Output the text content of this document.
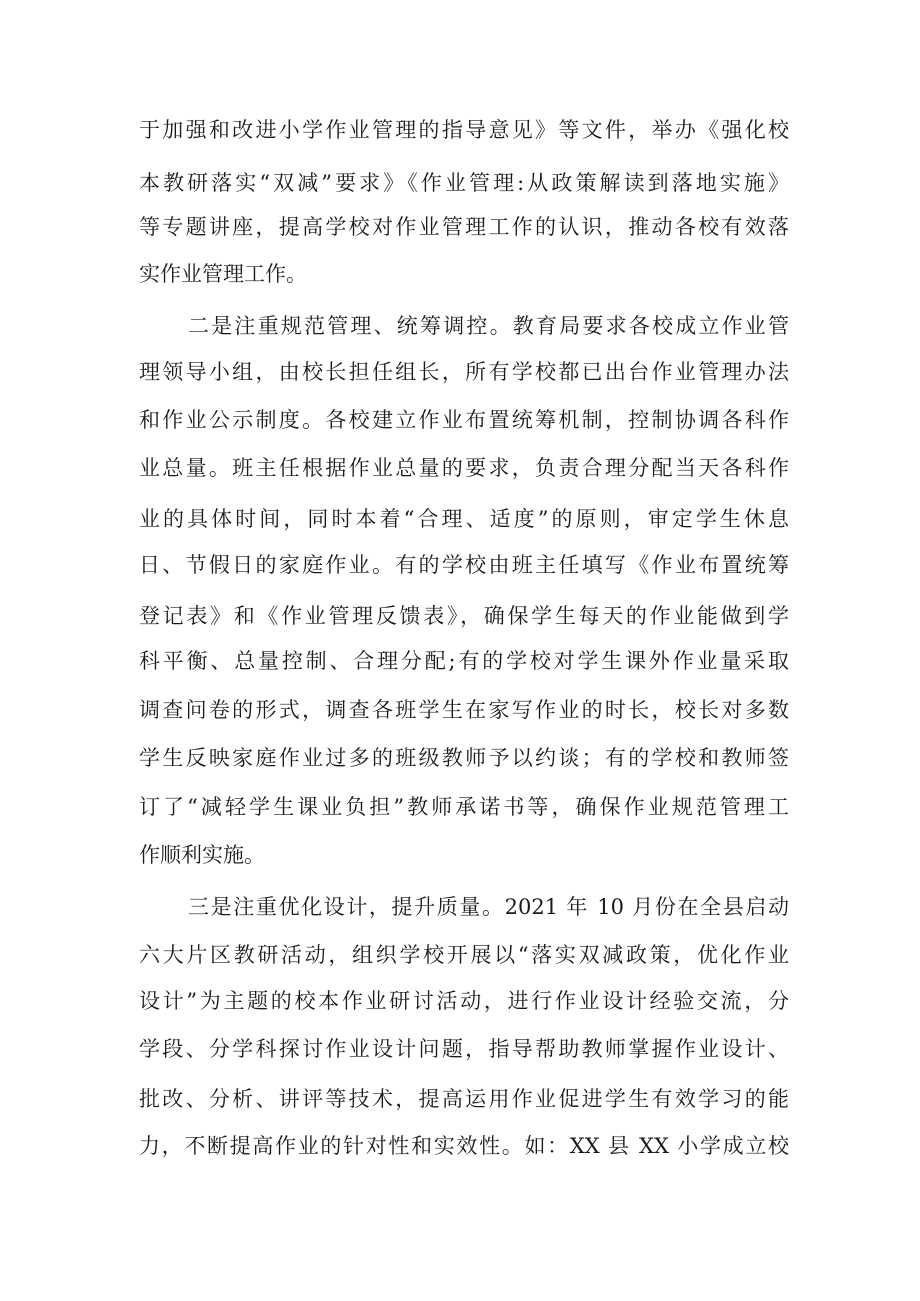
于加强和改进小学作业管理的指导意见》等文件，举办《强化校
本教研落实“双减”要求》《作业管理:从政策解读到落地实施》
等专题讲座，提高学校对作业管理工作的认识，推动各校有效落
实作业管理工作。
二是注重规范管理、统筹调控。教育局要求各校成立作业管
理领导小组，由校长担任组长，所有学校都已出台作业管理办法
和作业公示制度。各校建立作业布置统筹机制，控制协调各科作
业总量。班主任根据作业总量的要求，负责合理分配当天各科作
业的具体时间，同时本着“合理、适度”的原则，审定学生休息
日、节假日的家庭作业。有的学校由班主任填写《作业布置统筹
登记表》和《作业管理反馈表》，确保学生每天的作业能做到学
科平衡、总量控制、合理分配;有的学校对学生课外作业量采取
调查问卷的形式，调查各班学生在家写作业的时长，校长对多数
学生反映家庭作业过多的班级教师予以约谈；有的学校和教师签
订了“减轻学生课业负担”教师承诺书等，确保作业规范管理工
作顺利实施。
三是注重优化设计，提升质量。2021 年 10 月份在全县启动
六大片区教研活动，组织学校开展以“落实双减政策，优化作业
设计”为主题的校本作业研讨活动，进行作业设计经验交流，分
学段、分学科探讨作业设计问题，指导帮助教师掌握作业设计、
批改、分析、讲评等技术，提高运用作业促进学生有效学习的能
力，不断提高作业的针对性和实效性。如：XX 县 XX 小学成立校
